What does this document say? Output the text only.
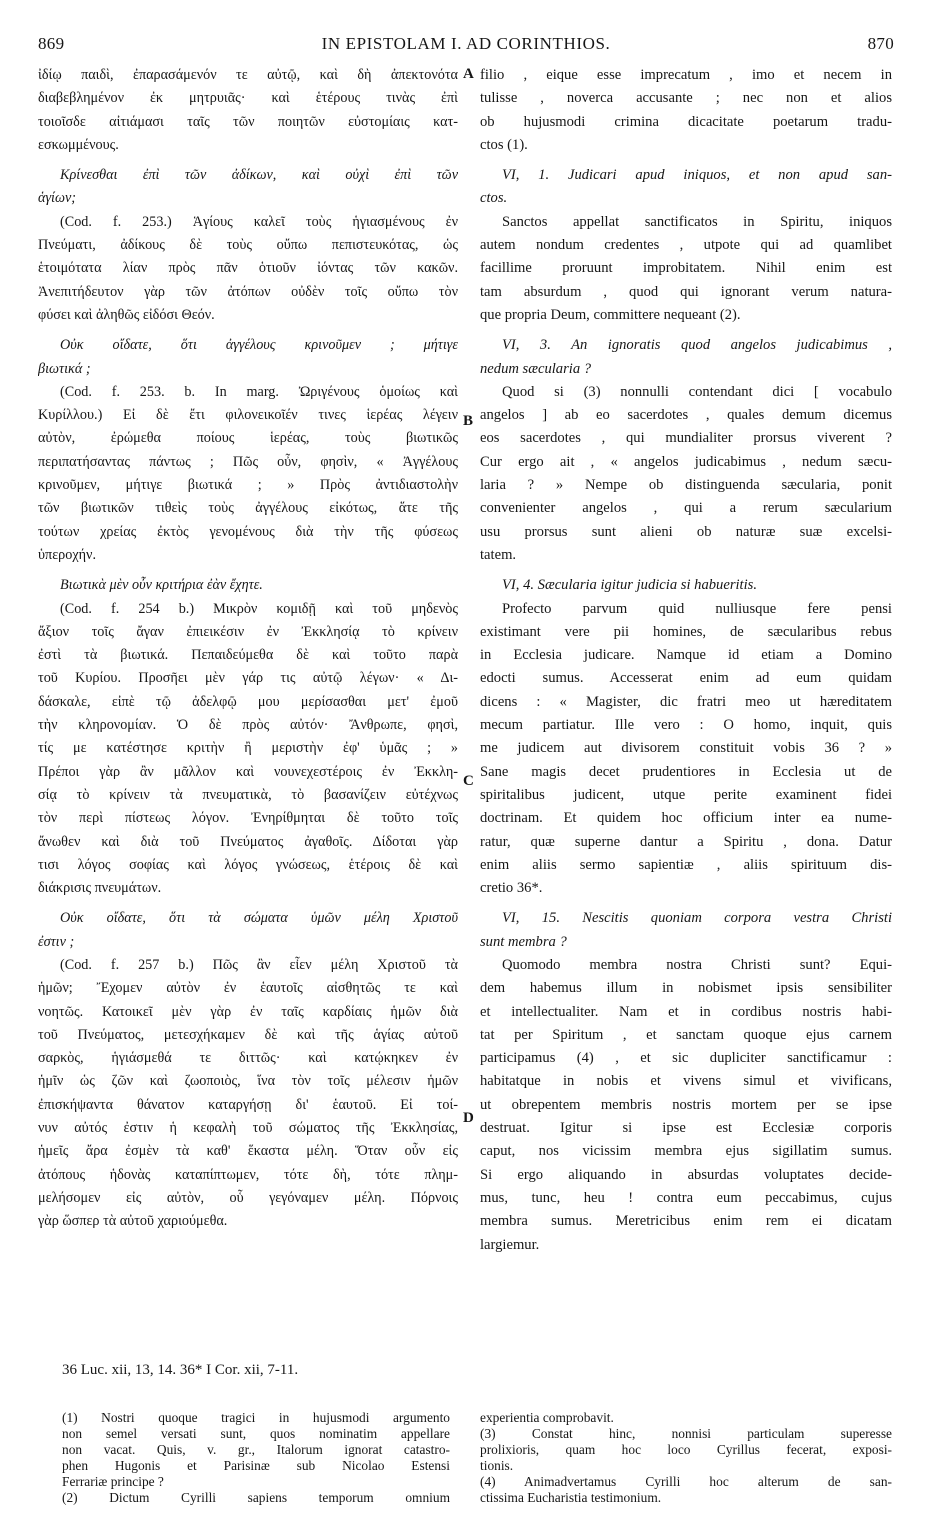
869	IN EPISTOLAM I. AD CORINTHIOS.	870
ἰδίῳ παιδὶ, ἐπαρασάμενόν τε αὐτῷ, καὶ δὴ ἀπεκτονότα
διαβεβλημένον ἐκ μητρυιᾶς· καὶ ἑτέρους τινὰς ἐπὶ
τοιοῖσδε αἰτιάμασι ταῖς τῶν ποιητῶν εὐστομίαις κατ-
εσκωμμένους.
Κρίνεσθαι ἐπὶ τῶν ἀδίκων, καὶ οὐχὶ ἐπὶ τῶν
ἁγίων;
(Cod. f. 253.) Ἁγίους καλεῖ τοὺς ἡγιασμένους ἐν
Πνεύματι, ἀδίκους δὲ τοὺς οὔπω πεπιστευκότας, ὡς
ἑτοιμότατα λίαν πρὸς πᾶν ὁτιοῦν ἰόντας τῶν κακῶν.
Ἀνεπιτήδευτον γὰρ τῶν ἀτόπων οὐδὲν τοῖς οὔπω τὸν
φύσει καὶ ἀληθῶς εἰδόσι Θεόν.
Οὐκ οἴδατε, ὅτι ἀγγέλους κρινοῦμεν ; μήτιγε
βιωτικά ;
(Cod. f. 253. b. In marg. Ὠριγένους ὁμοίως καὶ
Κυρίλλου.) Εἰ δὲ ἔτι φιλονεικοῖέν τινες ἱερέας λέγειν
αὐτὸν, ἐρώμεθα ποίους ἱερέας, τοὺς βιωτικῶς
περιπατήσαντας πάντως ; Πῶς οὖν, φησὶν, « Ἀγγέλους
κρινοῦμεν, μήτιγε βιωτικά ; » Πρὸς ἀντιδιαστολὴν
τῶν βιωτικῶν τιθεὶς τοὺς ἀγγέλους εἰκότως, ἅτε τῆς
τούτων χρείας ἐκτὸς γενομένους διὰ τὴν τῆς φύσεως
ὑπεροχήν.
Βιωτικὰ μὲν οὖν κριτήρια ἐὰν ἔχητε.
(Cod. f. 254 b.) Μικρὸν κομιδῇ καὶ τοῦ μηδενὸς
ἄξιον τοῖς ἄγαν ἐπιεικέσιν ἐν Ἐκκλησίᾳ τὸ κρίνειν
ἐστὶ τὰ βιωτικά. Πεπαιδεύμεθα δὲ καὶ τοῦτο παρὰ
τοῦ Κυρίου. Προσῆει μὲν γάρ τις αὐτῷ λέγων· « Δι-
δάσκαλε, εἰπὲ τῷ ἀδελφῷ μου μερίσασθαι μετ' ἐμοῦ
τὴν κληρονομίαν. Ὁ δὲ πρὸς αὐτόν· Ἄνθρωπε, φησὶ,
τίς με κατέστησε κριτὴν ἢ μεριστὴν ἐφ' ὑμᾶς ; »
Πρέποι γὰρ ἂν μᾶλλον καὶ νουνεχεστέροις ἐν Ἐκκλη-
σίᾳ τὸ κρίνειν τὰ πνευματικὰ, τὸ βασανίζειν εὐτέχνως
τὸν περὶ πίστεως λόγον. Ἐνηρίθμηται δὲ τοῦτο τοῖς
ἄνωθεν καὶ διὰ τοῦ Πνεύματος ἀγαθοῖς. Δίδοται γὰρ
τισι λόγος σοφίας καὶ λόγος γνώσεως, ἑτέροις δὲ καὶ
διάκρισις πνευμάτων.
Οὐκ οἴδατε, ὅτι τὰ σώματα ὑμῶν μέλη Χριστοῦ
ἐστιν ;
(Cod. f. 257 b.) Πῶς ἂν εἶεν μέλη Χριστοῦ τὰ
ἡμῶν; Ἔχομεν αὐτὸν ἐν ἑαυτοῖς αἰσθητῶς τε καὶ
νοητῶς. Κατοικεῖ μὲν γὰρ ἐν ταῖς καρδίαις ἡμῶν διὰ
τοῦ Πνεύματος, μετεσχήκαμεν δὲ καὶ τῆς ἁγίας αὐτοῦ
σαρκὸς, ἡγιάσμεθά τε διττῶς· καὶ κατῴκηκεν ἐν
ἡμῖν ὡς ζῶν καὶ ζωοποιὸς, ἵνα τὸν τοῖς μέλεσιν ἡμῶν
ἐπισκήψαντα θάνατον καταργήσῃ δι' ἑαυτοῦ. Εἰ τοί-
νυν αὐτός ἐστιν ἡ κεφαλὴ τοῦ σώματος τῆς Ἐκκλησίας,
ἡμεῖς ἄρα ἐσμὲν τὰ καθ' ἕκαστα μέλη. Ὅταν οὖν εἰς
ἀτόπους ἡδονὰς καταπίπτωμεν, τότε δὴ, τότε πλημ-
μελήσομεν εἰς αὐτὸν, οὗ γεγόναμεν μέλη. Πόρνοις
γὰρ ὥσπερ τὰ αὐτοῦ χαριούμεθα.
filio , eique esse imprecatum , imo et necem in
tulisse , noverca accusante ; nec non et alios
ob hujusmodi crimina dicacitate poetarum tradu-
ctos (1).
VI, 1. Judicari apud iniquos, et non apud san-
ctos.
Sanctos appellat sanctificatos in Spiritu, iniquos
autem nondum credentes , utpote qui ad quamlibet
facillime proruunt improbitatem. Nihil enim est
tam absurdum , quod qui ignorant verum natura-
que propria Deum, committere nequeant (2).
VI, 3. An ignoratis quod angelos judicabimus ,
nedum sæcularia ?
Quod si (3) nonnulli contendant dici [ vocabulo
angelos ] ab eo sacerdotes , quales demum dicemus
eos sacerdotes , qui mundialiter prorsus viverent ?
Cur ergo ait , « angelos judicabimus , nedum sæcu-
laria ? » Nempe ob distinguenda sæcularia, ponit
convenienter angelos , qui a rerum sæcularium
usu prorsus sunt alieni ob naturæ suæ excelsi-
tatem.
VI, 4. Sæcularia igitur judicia si habueritis.
Profecto parvum quid nulliusque fere pensi
existimant vere pii homines, de sæcularibus rebus
in Ecclesia judicare. Namque id etiam a Domino
edocti sumus. Accesserat enim ad eum quidam
dicens : « Magister, dic fratri meo ut hæreditatem
mecum partiatur. Ille vero : O homo, inquit, quis
me judicem aut divisorem constituit vobis 36 ? »
Sane magis decet prudentiores in Ecclesia ut de
spiritalibus judicent, utque perite examinent fidei
doctrinam. Et quidem hoc officium inter ea nume-
ratur, quæ superne dantur a Spiritu , dona. Datur
enim aliis sermo sapientiæ , aliis spirituum dis-
cretio 36*.
VI, 15. Nescitis quoniam corpora vestra Christi
sunt membra ?
Quomodo membra nostra Christi sunt? Equi-
dem habemus illum in nobismet ipsis sensibiliter
et intellectualiter. Nam et in cordibus nostris habi-
tat per Spiritum , et sanctam quoque ejus carnem
participamus (4) , et sic dupliciter sanctificamur :
habitatque in nobis et vivens simul et vivificans,
ut obrepentem membris nostris mortem per se ipse
destruat. Igitur si ipse est Ecclesiæ corporis
caput, nos vicissim membra ejus sigillatim sumus.
Si ergo aliquando in absurdas voluptates decide-
mus, tunc, heu ! contra eum peccabimus, cujus
membra sumus. Meretricibus enim rem ei dicatam
largiemur.
A
B
C
D
36 Luc. xii, 13, 14. 36* I Cor. xii, 7-11.
(1) Nostri quoque tragici in hujusmodi argumento
non semel versati sunt, quos nominatim appellare
non vacat. Quis, v. gr., Italorum ignorat catastro-
phen Hugonis et Parisinæ sub Nicolao Estensi
Ferrariæ principe ?
(2) Dictum Cyrilli sapiens temporum omnium
experientia comprobavit.
(3) Constat hinc, nonnisi particulam superesse
prolixioris, quam hoc loco Cyrillus fecerat, exposi-
tionis.
(4) Animadvertamus Cyrilli hoc alterum de san-
ctissima Eucharistia testimonium.
